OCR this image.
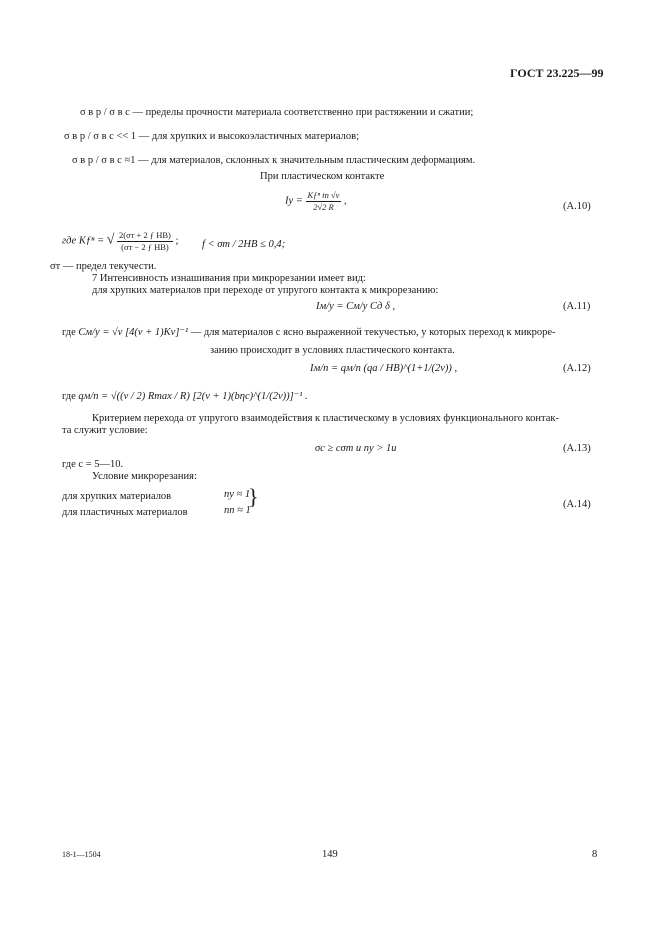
ГОСТ 23.225—99
σ в р / σ в с — пределы прочности материала соответственно при растяжении и сжатии;
σ в р / σ в с << 1 — для хрупких и высокоэластичных материалов;
σ в р / σ в с ≈1 — для материалов, склонных к значительным пластическим деформациям.
При пластическом контакте
$Iy = \frac{\text{Kƒⁿ tп √ν}}{2√2 R}$ ,	(A.10)
где Kƒⁿ = √ $\frac{\text{2(σт + 2 ƒ HB)}}{\text{(σт − 2 ƒ HB)}}$ ; f < σт / 2НВ ≤ 0,4;
σт — предел текучести.
7 Интенсивность изнашивания при микрорезании имеет вид:
для хрупких материалов при переходе от упругого контакта к микрорезанию:
Iм/у = Cм/у Cд δ ,	(A.11)
где Cм/у = √ν [4(ν + 1)Kν]⁻¹ — для материалов с ясно выраженной текучестью, у которых переход к микроре-
занию происходит в условиях пластического контакта.
Iм/п = qм/п (qа / НВ)^(1+1/(2ν)) ,	(A.12)
где qм/п = √((ν / 2) Rmax / R) [2(ν + 1)(bηc)^(1/(2ν))]⁻¹ .
Критерием перехода от упругого взаимодействия к пластическому в условиях функционального контак-
та служит условие:
σс ≥ cσт и nу > 1и	(A.13)
где c = 5—10.
Условие микрорезания:
для хрупких материалов	nу ≈ 1
для пластичных материалов	nп ≈ 1
}	(A.14)
18-1—1504	149	8
